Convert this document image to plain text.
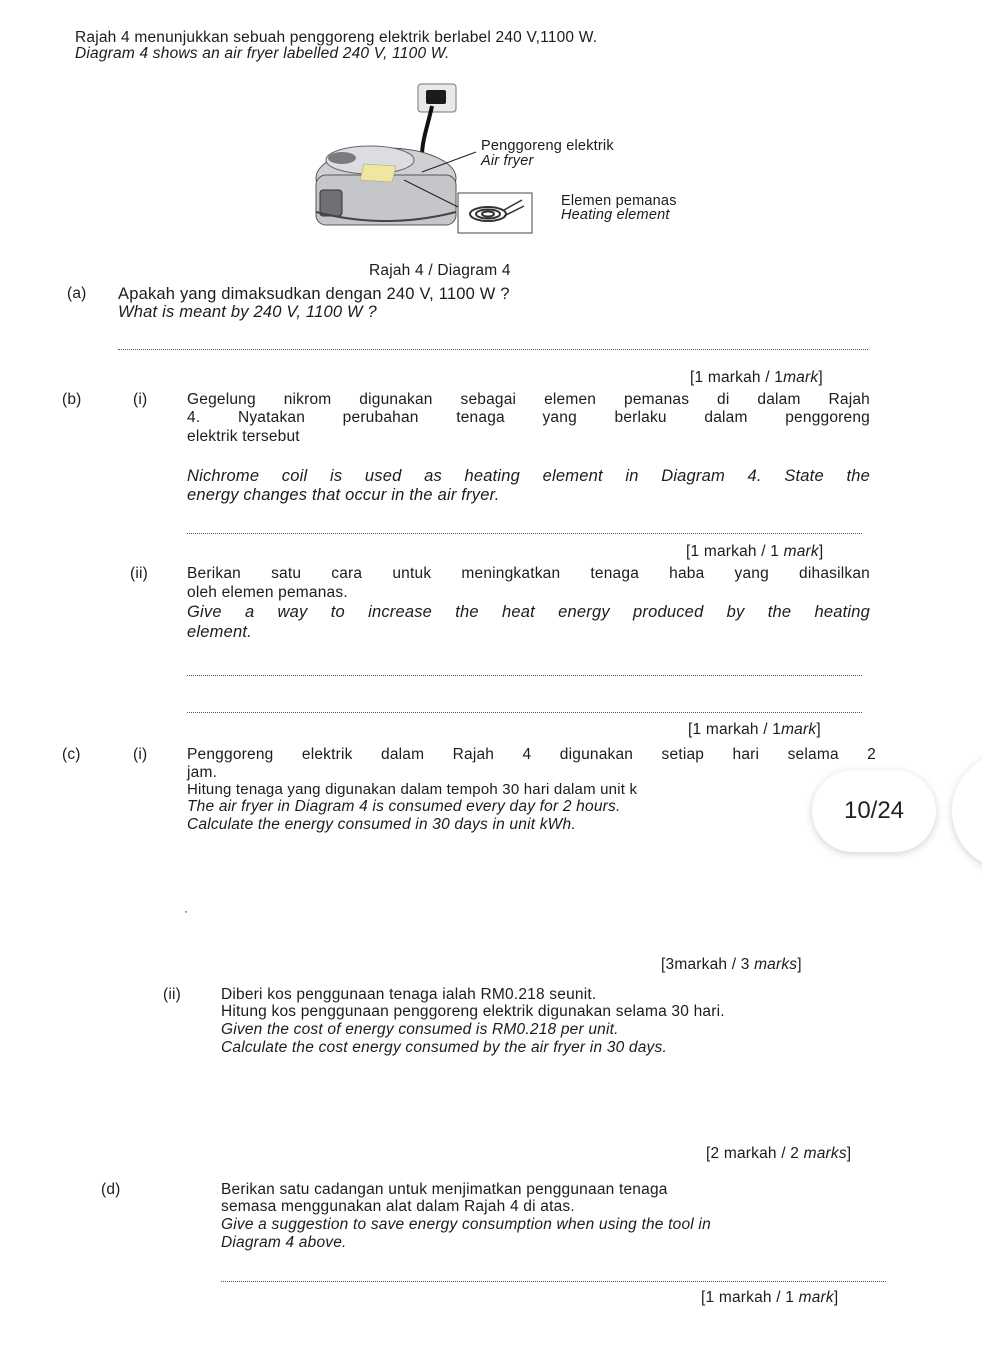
Rajah 4 menunjukkan sebuah penggoreng elektrik berlabel 240 V,1100 W.
Diagram 4 shows an air fryer labelled 240 V, 1100 W.
Penggoreng elektrik
Air fryer
Elemen pemanas
Heating element
Rajah 4 / Diagram 4
(a) Apakah yang dimaksudkan dengan 240 V, 1100 W ?
What is meant by 240 V, 1100 W ?
[1 markah / 1mark]
(b)	(i)	Gegelung nikrom digunakan sebagai elemen pemanas di dalam Rajah
4. Nyatakan perubahan tenaga yang berlaku dalam penggoreng
elektrik tersebut
Nichrome coil is used as heating element in Diagram 4. State the
energy changes that occur in the air fryer.
[1 markah / 1 mark]
(ii)	Berikan satu cara untuk meningkatkan tenaga haba yang dihasilkan
oleh elemen pemanas.
Give a way to increase the heat energy produced by the heating
element.
[1 markah / 1mark]
(c)	(i)	Penggoreng elektrik dalam Rajah 4 digunakan setiap hari selama 2
jam.
Hitung tenaga yang digunakan dalam tempoh 30 hari dalam unit k
The air fryer in Diagram 4 is consumed every day for 2 hours.
Calculate the energy consumed in 30 days in unit kWh.
10/24
·
[3markah / 3 marks]
(ii)	Diberi kos penggunaan tenaga ialah RM0.218 seunit.
Hitung kos penggunaan penggoreng elektrik digunakan selama 30 hari.
Given the cost of energy consumed is RM0.218 per unit.
Calculate the cost energy consumed by the air fryer in 30 days.
[2 markah / 2 marks]
(d)	Berikan satu cadangan untuk menjimatkan penggunaan tenaga
semasa menggunakan alat dalam Rajah 4 di atas.
Give a suggestion to save energy consumption when using the tool in
Diagram 4 above.
[1 markah / 1 mark]
